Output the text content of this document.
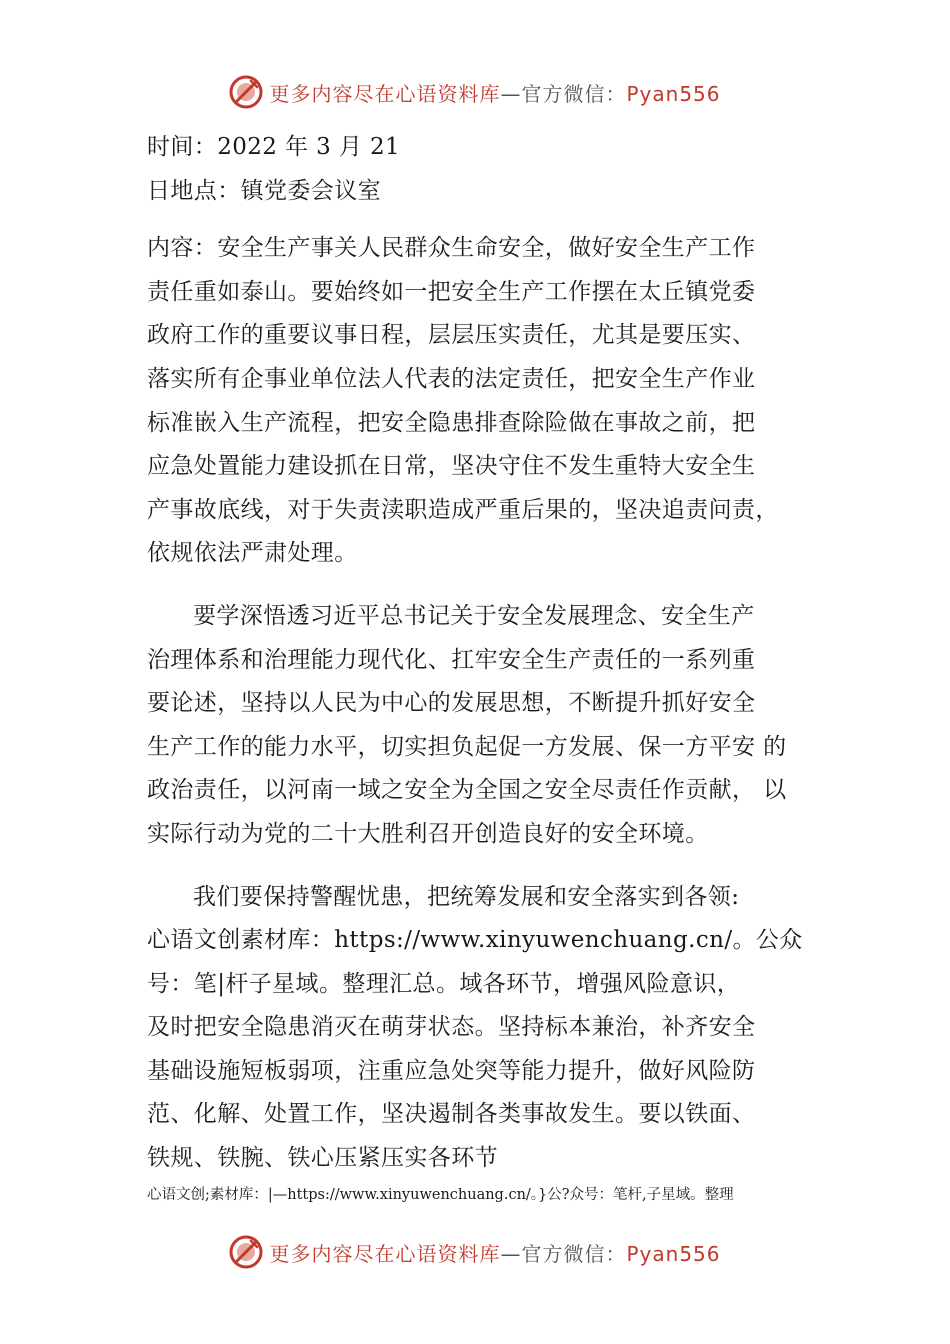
更多内容尽在心语资料库—官方微信：Pyan556
时间：2022 年 3 月 21
日地点：镇党委会议室
内容：安全生产事关人民群众生命安全，做好安全生产工作
责任重如泰山。要始终如一把安全生产工作摆在太丘镇党委
政府工作的重要议事日程，层层压实责任，尤其是要压实、
落实所有企事业单位法人代表的法定责任，把安全生产作业
标准嵌入生产流程，把安全隐患排查除险做在事故之前，把
应急处置能力建设抓在日常，坚决守住不发生重特大安全生
产事故底线，对于失责渎职造成严重后果的，坚决追责问责，
依规依法严肃处理。
要学深悟透习近平总书记关于安全发展理念、安全生产
治理体系和治理能力现代化、扛牢安全生产责任的一系列重
要论述，坚持以人民为中心的发展思想，不断提升抓好安全
生产工作的能力水平，切实担负起促一方发展、保一方平安 的
政治责任，以河南一域之安全为全国之安全尽责任作贡献， 以
实际行动为党的二十大胜利召开创造良好的安全环境。
我们要保持警醒忧患，把统筹发展和安全落实到各领:
心语文创素材库：https://www.xinyuwenchuang.cn/。公众
号：笔|杆子星域。整理汇总。域各环节，增强风险意识，
及时把安全隐患消灭在萌芽状态。坚持标本兼治，补齐安全
基础设施短板弱项，注重应急处突等能力提升，做好风险防
范、化解、处置工作，坚决遏制各类事故发生。要以铁面、
铁规、铁腕、铁心压紧压实各环节
心语文创;素材库：|—https://www.xinyuwenchuang.cn/。}公?众号：笔杆,子星域。整理
更多内容尽在心语资料库—官方微信：Pyan556
